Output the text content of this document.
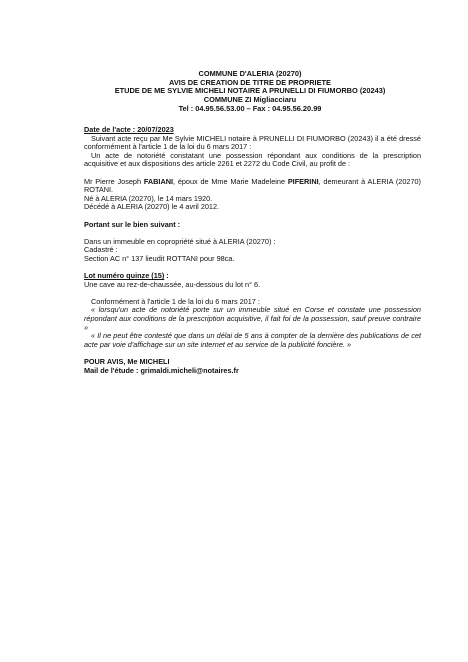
COMMUNE D'ALERIA (20270)
AVIS DE CREATION DE TITRE DE PROPRIETE
ETUDE DE ME SYLVIE MICHELI NOTAIRE A PRUNELLI DI FIUMORBO (20243)
COMMUNE ZI Migliacciaru
Tel : 04.95.56.53.00 – Fax : 04.95.56.20.99

Date de l'acte : 20/07/2023

Suivant acte reçu par Me Sylvie MICHELI notaire à PRUNELLI DI FIUMORBO (20243) il a été dressé conformément à l'article 1 de la loi du 6 mars 2017 :

Un acte de notoriété constatant une possession répondant aux conditions de la prescription acquisitive et aux dispositions des article 2261 et 2272 du Code Civil, au profit de :

Mr Pierre Joseph FABIANI, époux de Mme Marie Madeleine PIFERINI, demeurant à ALERIA (20270) ROTANI.

Né à ALERIA (20270), le 14 mars 1920.

Décédé à ALERIA (20270) le 4 avril 2012.

Portant sur le bien suivant :

Dans un immeuble en copropriété situé à ALERIA (20270) :

Cadastré :

Section AC n° 137 lieudit ROTTANI pour 98ca.

Lot numéro quinze (15) :

Une cave au rez-de-chaussée, au-dessous du lot n° 6.

Conformément à l'article 1 de la loi du 6 mars 2017 :

« lorsqu'un acte de notoriété porte sur un immeuble situé en Corse et constate une possession répondant aux conditions de la prescription acquisitive, il fait foi de la possession, sauf preuve contraire »

« Il ne peut être contesté que dans un délai de 5 ans à compter de la dernière des publications de cet acte par voie d'affichage sur un site internet et au service de la publicité foncière. »

POUR AVIS, Me MICHELI

Mail de l'étude : grimaldi.micheli@notaires.fr
